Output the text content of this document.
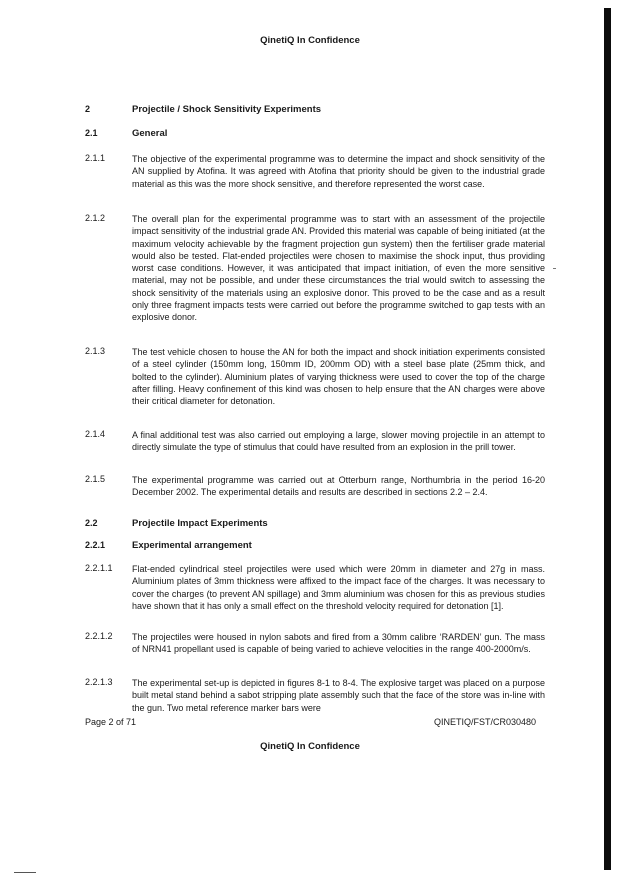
QinetiQ In Confidence
2	Projectile / Shock Sensitivity Experiments
2.1	General
2.1.1	The objective of the experimental programme was to determine the impact and shock sensitivity of the AN supplied by Atofina. It was agreed with Atofina that priority should be given to the industrial grade material as this was the more shock sensitive, and therefore represented the worst case.
2.1.2	The overall plan for the experimental programme was to start with an assessment of the projectile impact sensitivity of the industrial grade AN. Provided this material was capable of being initiated (at the maximum velocity achievable by the fragment projection gun system) then the fertiliser grade material would also be tested. Flat-ended projectiles were chosen to maximise the shock input, thus providing worst case conditions. However, it was anticipated that impact initiation, of even the more sensitive material, may not be possible, and under these circumstances the trial would switch to assessing the shock sensitivity of the materials using an explosive donor. This proved to be the case and as a result only three fragment impacts tests were carried out before the programme switched to gap tests with an explosive donor.
2.1.3	The test vehicle chosen to house the AN for both the impact and shock initiation experiments consisted of a steel cylinder (150mm long, 150mm ID, 200mm OD) with a steel base plate (25mm thick, and bolted to the cylinder). Aluminium plates of varying thickness were used to cover the top of the charge after filling. Heavy confinement of this kind was chosen to help ensure that the AN charges were above their critical diameter for detonation.
2.1.4	A final additional test was also carried out employing a large, slower moving projectile in an attempt to directly simulate the type of stimulus that could have resulted from an explosion in the prill tower.
2.1.5	The experimental programme was carried out at Otterburn range, Northumbria in the period 16-20 December 2002. The experimental details and results are described in sections 2.2 – 2.4.
2.2	Projectile Impact Experiments
2.2.1	Experimental arrangement
2.2.1.1 Flat-ended cylindrical steel projectiles were used which were 20mm in diameter and 27g in mass. Aluminium plates of 3mm thickness were affixed to the impact face of the charges. It was necessary to cover the charges (to prevent AN spillage) and 3mm aluminium was chosen for this as previous studies have shown that it has only a small effect on the threshold velocity required for detonation [1].
2.2.1.2 The projectiles were housed in nylon sabots and fired from a 30mm calibre ‘RARDEN’ gun. The mass of NRN41 propellant used is capable of being varied to achieve velocities in the range 400-2000m/s.
2.2.1.3 The experimental set-up is depicted in figures 8-1 to 8-4. The explosive target was placed on a purpose built metal stand behind a sabot stripping plate assembly such that the face of the store was in-line with the gun. Two metal reference marker bars were
Page 2 of 71	QINETIQ/FST/CR030480
QinetiQ In Confidence
